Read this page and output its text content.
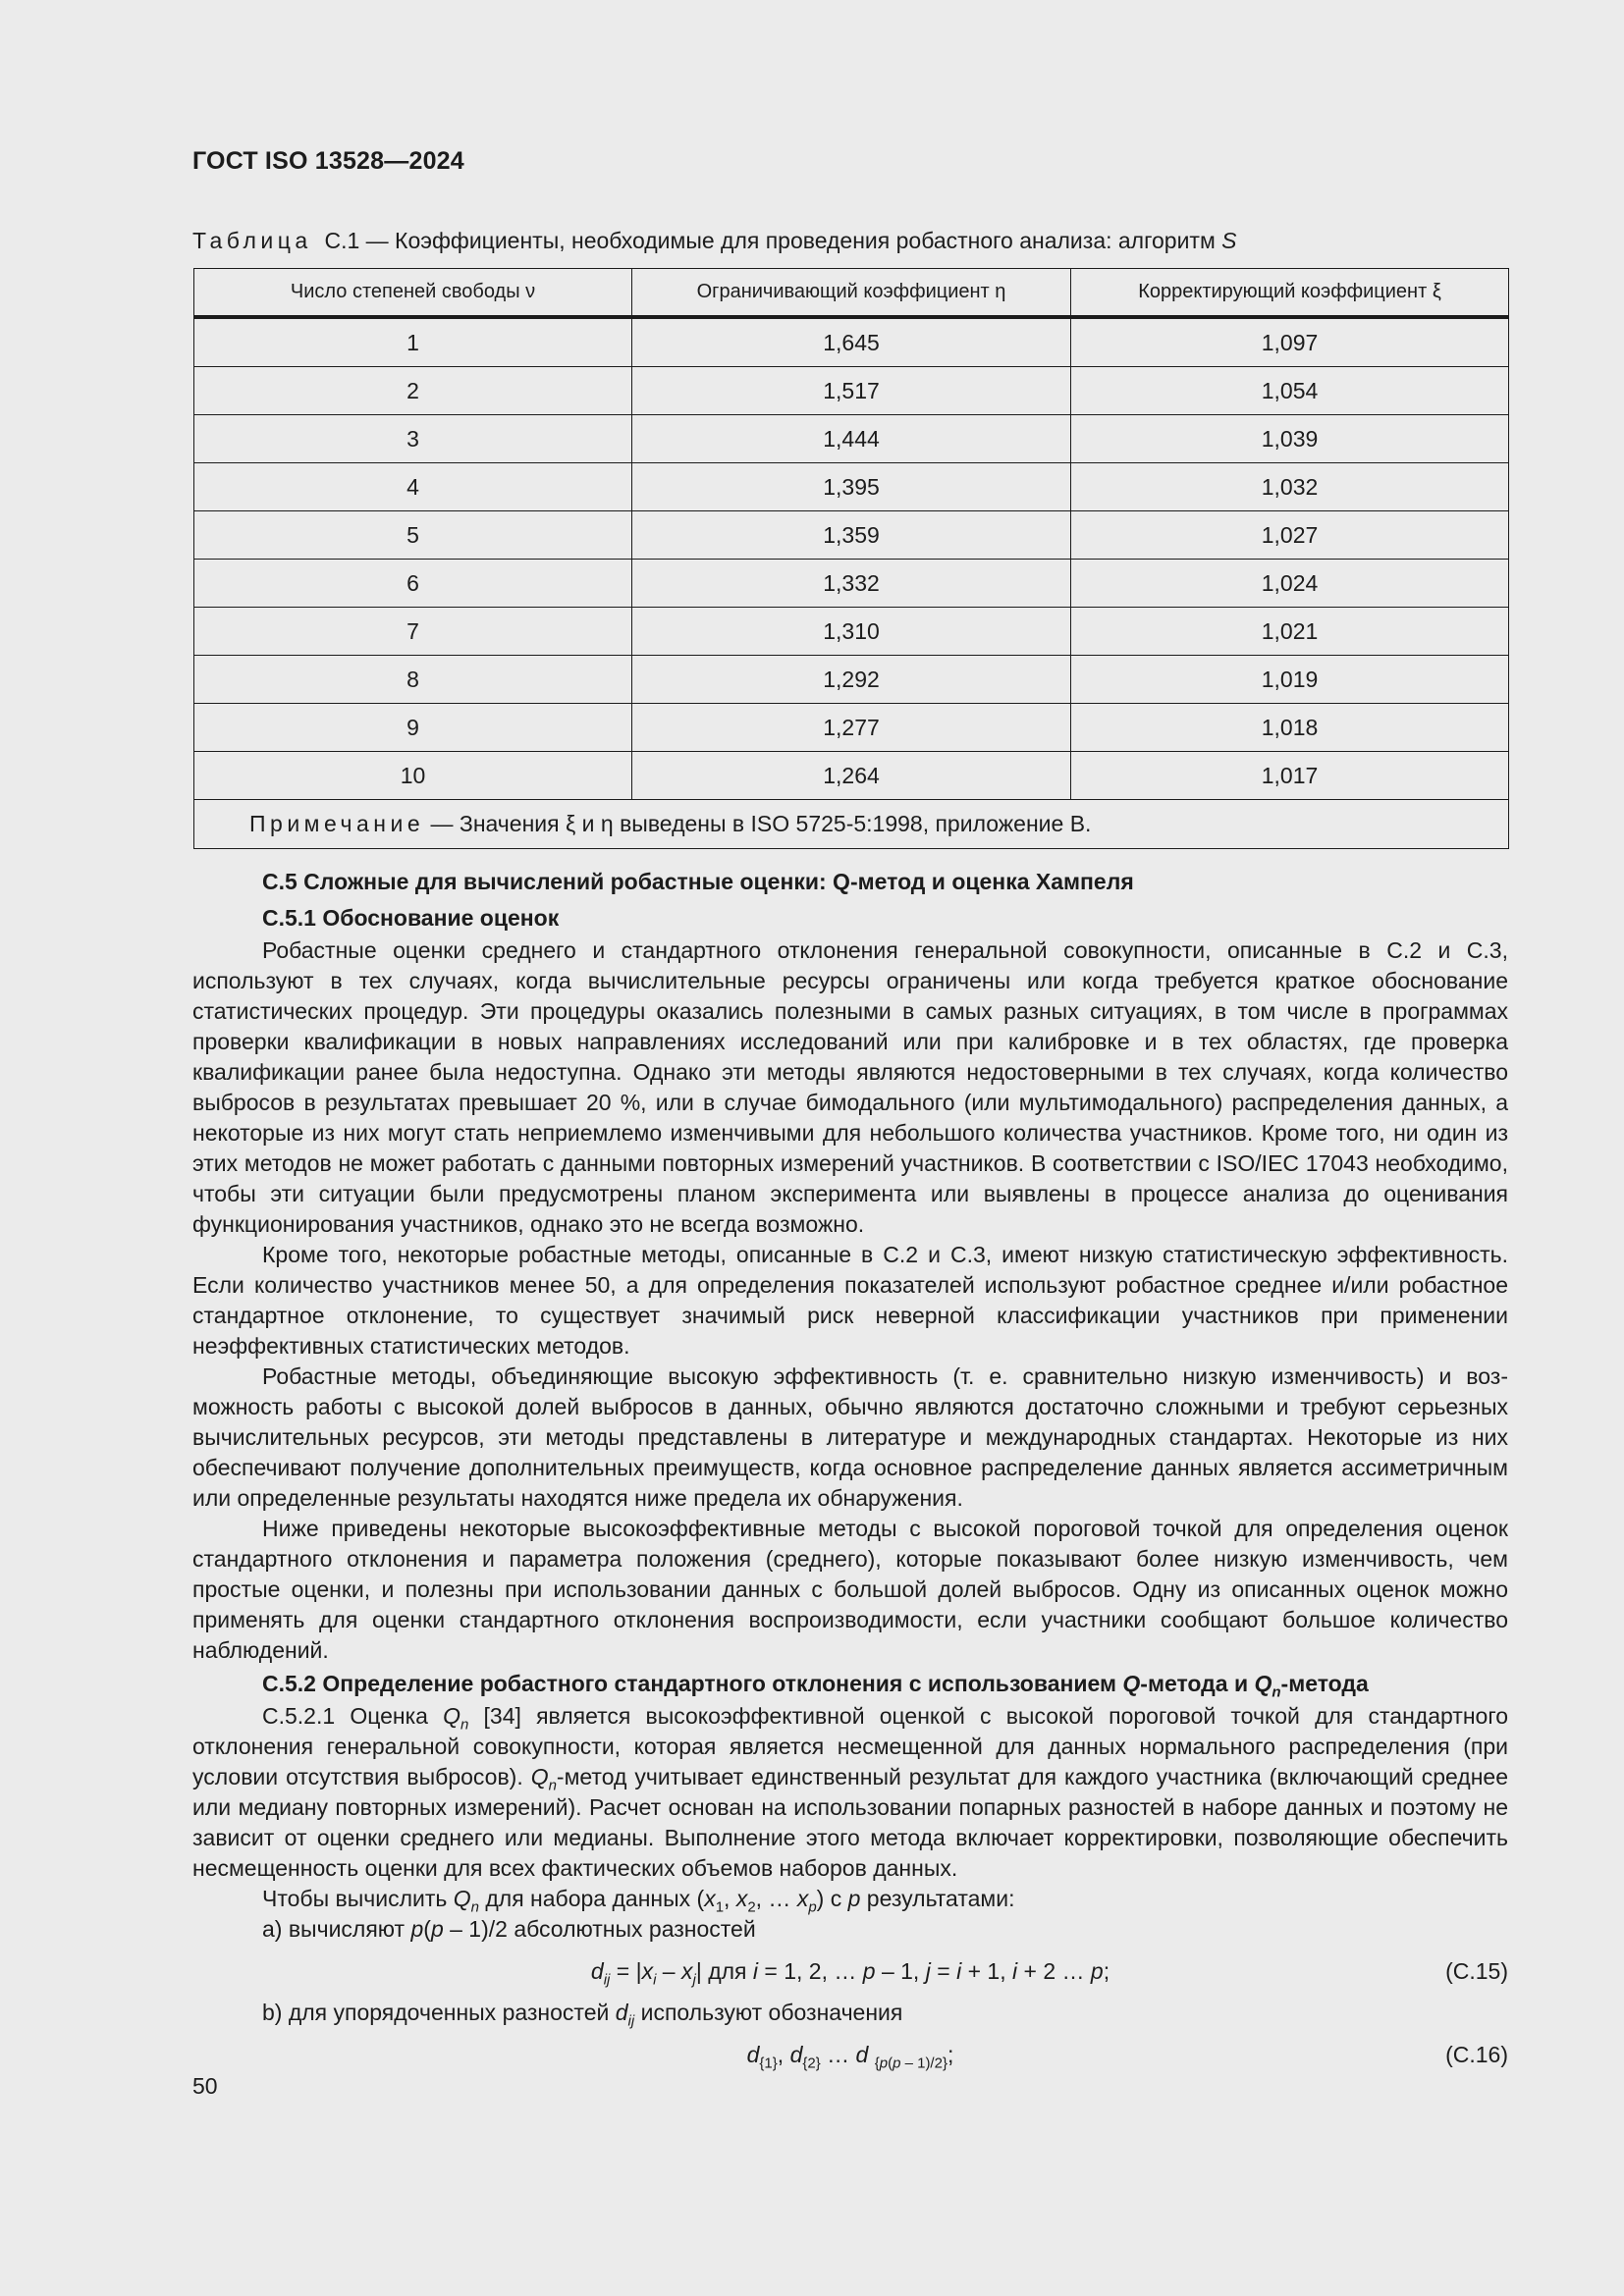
ГОСТ ISO 13528—2024
Таблица С.1 — Коэффициенты, необходимые для проведения робастного анализа: алгоритм S
Число степеней свободы ν	Ограничивающий коэффициент η	Корректирующий коэффициент ξ
1	1,645	1,097
2	1,517	1,054
3	1,444	1,039
4	1,395	1,032
5	1,359	1,027
6	1,332	1,024
7	1,310	1,021
8	1,292	1,019
9	1,277	1,018
10	1,264	1,017
Примечание — Значения ξ и η выведены в ISO 5725-5:1998, приложение B.		
С.5 Сложные для вычислений робастные оценки: Q-метод и оценка Хампеля
С.5.1 Обоснование оценок

Робастные оценки среднего и стандартного отклонения генеральной совокупности, описанные в С.2 и С.3, используют в тех случаях, когда вычислительные ресурсы ограничены или когда требуется краткое обоснование статистических процедур. Эти процедуры оказались полезными в самых разных ситуациях, в том числе в программах проверки квалификации в новых направлениях исследований или при калибровке и в тех областях, где проверка квалификации ранее была недоступна. Однако эти методы являются недостоверными в тех случаях, когда количество выбросов в результатах превышает 20 %, или в случае бимодального (или мультимодального) распределения данных, а некоторые из них могут стать неприемлемо изменчивыми для небольшого количества участников. Кроме того, ни один из этих методов не может работать с данными повторных измерений участников. В соответствии с ISO/IEC 17043 необходимо, чтобы эти ситуации были предусмотрены планом эксперимента или выявлены в процессе анализа до оценивания функционирования участников, однако это не всегда возможно.

Кроме того, некоторые робастные методы, описанные в С.2 и С.3, имеют низкую статистическую эффективность. Если количество участников менее 50, а для определения показателей используют робастное среднее и/или робастное стандартное отклонение, то существует значимый риск неверной классификации участников при применении неэффективных статистических методов.

Робастные методы, объединяющие высокую эффективность (т. е. сравнительно низкую изменчивость) и возможность работы с высокой долей выбросов в данных, обычно являются достаточно сложными и требуют серьезных вычислительных ресурсов, эти методы представлены в литературе и международных стандартах. Некоторые из них обеспечивают получение дополнительных преимуществ, когда основное распределение данных является ассиметричным или определенные результаты находятся ниже предела их обнаружения.

Ниже приведены некоторые высокоэффективные методы с высокой пороговой точкой для определения оценок стандартного отклонения и параметра положения (среднего), которые показывают более низкую изменчивость, чем простые оценки, и полезны при использовании данных с большой долей выбросов. Одну из описанных оценок можно применять для оценки стандартного отклонения воспроизводимости, если участники сообщают большое количество наблюдений.

С.5.2 Определение робастного стандартного отклонения с использованием Q-метода и $Q_n$-метода

С.5.2.1 Оценка $Q_n$ [34] является высокоэффективной оценкой с высокой пороговой точкой для стандартного отклонения генеральной совокупности, которая является несмещенной для данных нормального распределения (при условии отсутствия выбросов). $Q_n$-метод учитывает единственный результат для каждого участника (включающий среднее или медиану повторных измерений). Расчет основан на использовании попарных разностей в наборе данных и поэтому не зависит от оценки среднего или медианы. Выполнение этого метода включает корректировки, позволяющие обеспечить несмещенность оценки для всех фактических объемов наборов данных.

Чтобы вычислить $Q_n$ для набора данных ($x_1$, $x_2$, … $x_p$) с p результатами:

a) вычисляют p(p – 1)/2 абсолютных разностей
$d_{ij} = |x_i - x_j|$ для i = 1, 2, … p – 1, j = i + 1, i + 2 … p;	(С.15)
b) для упорядоченных разностей $d_{ij}$ используют обозначения
$d_{\{1\}}$, $d_{\{2\}}$ … d $_{\{p(p - 1)/2\}}$;	(С.16)
50
